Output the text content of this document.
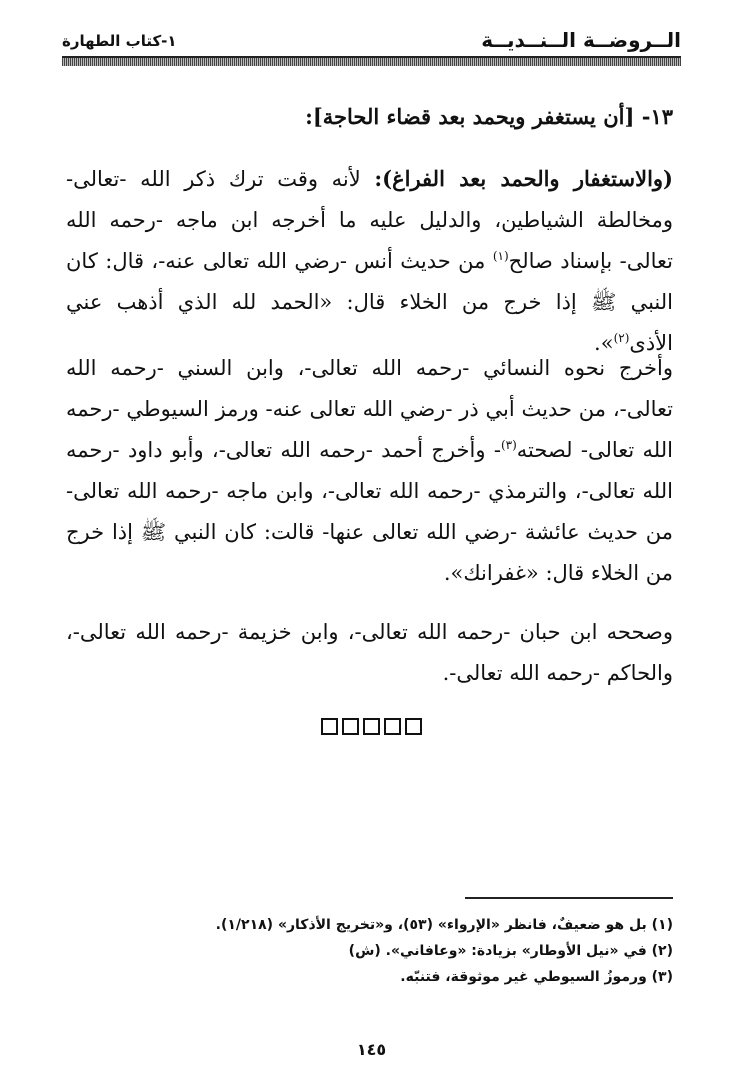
الــروضــة الــنــديــة
١-كتاب الطهارة
١٣- [أن يستغفر ويحمد بعد قضاء الحاجة]:
(والاستغفار والحمد بعد الفراغ): لأنه وقت ترك ذكر الله -تعالى- ومخالطة الشياطين، والدليل عليه ما أخرجه ابن ماجه -رحمه الله تعالى- بإسناد صالح$^{(١)}$ من حديث أنس -رضي الله تعالى عنه-، قال: كان النبي ﷺ إذا خرج من الخلاء قال: «الحمد لله الذي أذهب عني الأذى$^{(٢)}$».
وأخرج نحوه النسائي -رحمه الله تعالى-، وابن السني -رحمه الله تعالى-، من حديث أبي ذر -رضي الله تعالى عنه- ورمز السيوطي -رحمه الله تعالى- لصحته$^{(٣)}$- وأخرج أحمد -رحمه الله تعالى-، وأبو داود -رحمه الله تعالى-، والترمذي -رحمه الله تعالى-، وابن ماجه -رحمه الله تعالى- من حديث عائشة -رضي الله تعالى عنها- قالت: كان النبي ﷺ إذا خرج من الخلاء قال: «غفرانك».
وصححه ابن حبان -رحمه الله تعالى-، وابن خزيمة -رحمه الله تعالى-، والحاكم -رحمه الله تعالى-.
(١) بل هو ضعيفٌ، فانظر «الإرواء» (٥٣)، و«تخريج الأذكار» (١/٢١٨).
(٢) في «نيل الأوطار» بزيادة: «وعافاني». (ش)
(٣) ورموزُ السيوطي غير موثوقة، فتنبّه.
١٤٥
